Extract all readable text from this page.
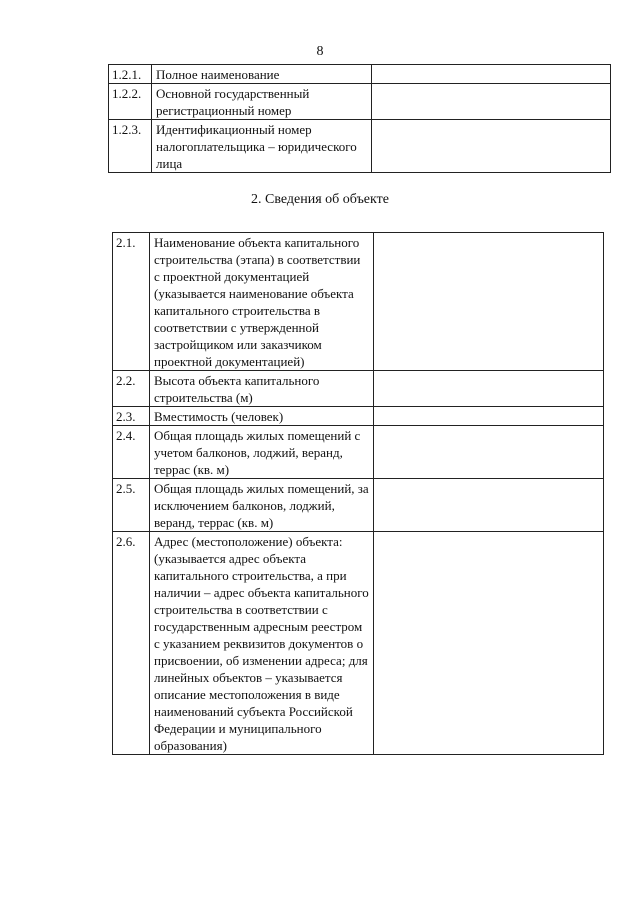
8
1.2.1.	Полное наименование	
1.2.2.	Основной государственный регистрационный номер	
1.2.3.	Идентификационный номер налогоплательщика – юридического лица	
2. Сведения об объекте
2.1.	Наименование объекта капитального строительства (этапа) в соответствии с проектной документацией (указывается наименование объекта капитального строительства в соответствии с утвержденной застройщиком или заказчиком проектной документацией)	
2.2.	Высота объекта капитального строительства (м)	
2.3.	Вместимость (человек)	
2.4.	Общая площадь жилых помещений с учетом балконов, лоджий, веранд, террас (кв. м)	
2.5.	Общая площадь жилых помещений, за исключением балконов, лоджий, веранд, террас (кв. м)	
2.6.	Адрес (местоположение) объекта: (указывается адрес объекта капитального строительства, а при наличии – адрес объекта капитального строительства в соответствии с государственным адресным реестром с указанием реквизитов документов о присвоении, об изменении адреса; для линейных объектов – указывается описание местоположения в виде наименований субъекта Российской Федерации и муниципального образования)	
